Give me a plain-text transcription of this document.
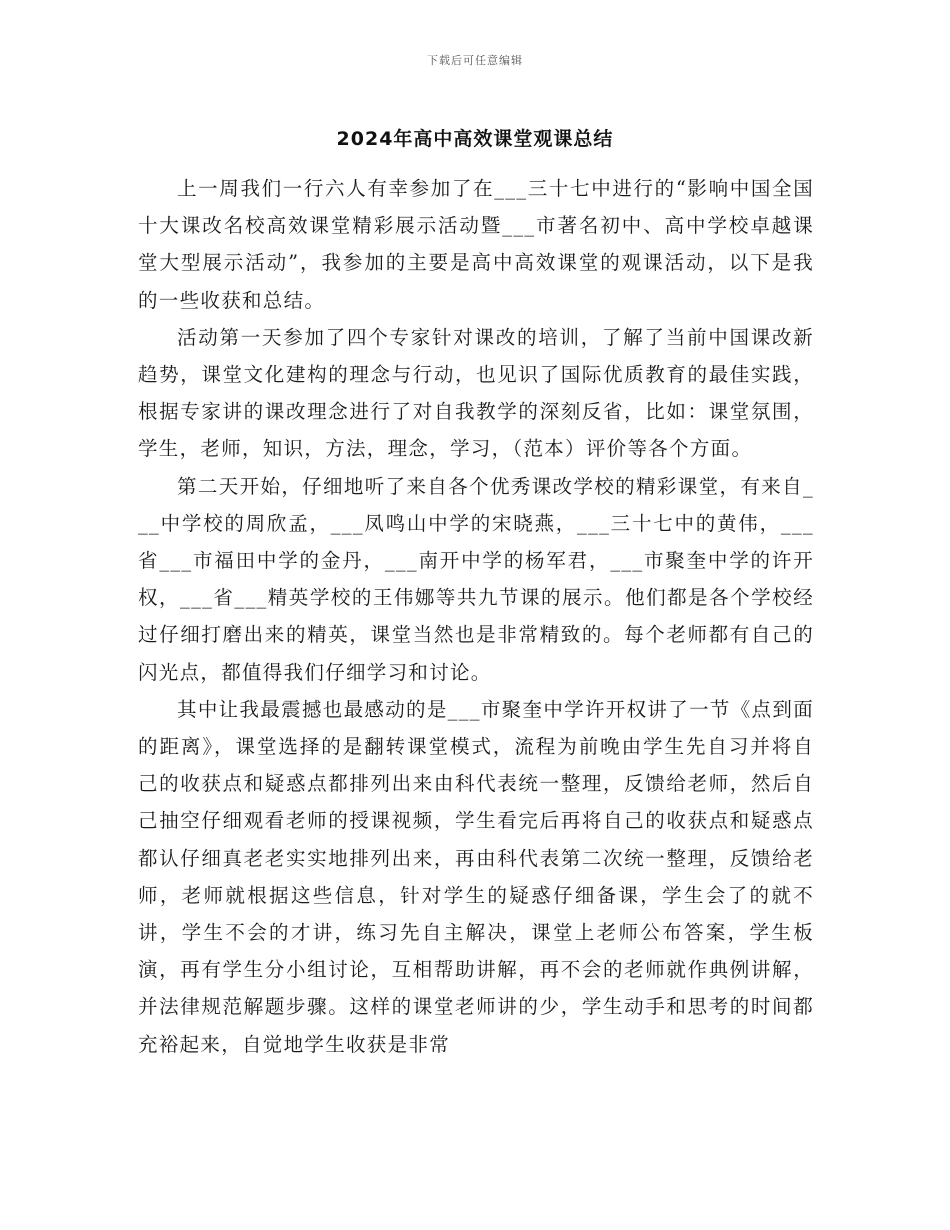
下载后可任意编辑
2024年高中高效课堂观课总结

上一周我们一行六人有幸参加了在___三十七中进行的“影响中国全国十大课改名校高效课堂精彩展示活动暨___市著名初中、高中学校卓越课堂大型展示活动”，我参加的主要是高中高效课堂的观课活动，以下是我的一些收获和总结。

活动第一天参加了四个专家针对课改的培训，了解了当前中国课改新趋势，课堂文化建构的理念与行动，也见识了国际优质教育的最佳实践，根据专家讲的课改理念进行了对自我教学的深刻反省，比如：课堂氛围，学生，老师，知识，方法，理念，学习，（范本）评价等各个方面。

第二天开始，仔细地听了来自各个优秀课改学校的精彩课堂，有来自___中学校的周欣孟，___凤鸣山中学的宋晓燕，___三十七中的黄伟，___省___市福田中学的金丹，___南开中学的杨军君，___市聚奎中学的许开权，___省___精英学校的王伟娜等共九节课的展示。他们都是各个学校经过仔细打磨出来的精英，课堂当然也是非常精致的。每个老师都有自己的闪光点，都值得我们仔细学习和讨论。

其中让我最震撼也最感动的是___市聚奎中学许开权讲了一节《点到面的距离》，课堂选择的是翻转课堂模式，流程为前晚由学生先自习并将自己的收获点和疑惑点都排列出来由科代表统一整理，反馈给老师，然后自己抽空仔细观看老师的授课视频，学生看完后再将自己的收获点和疑惑点都认仔细真老老实实地排列出来，再由科代表第二次统一整理，反馈给老师，老师就根据这些信息，针对学生的疑惑仔细备课，学生会了的就不讲，学生不会的才讲，练习先自主解决，课堂上老师公布答案，学生板演，再有学生分小组讨论，互相帮助讲解，再不会的老师就作典例讲解，并法律规范解题步骤。这样的课堂老师讲的少，学生动手和思考的时间都充裕起来，自觉地学生收获是非常
